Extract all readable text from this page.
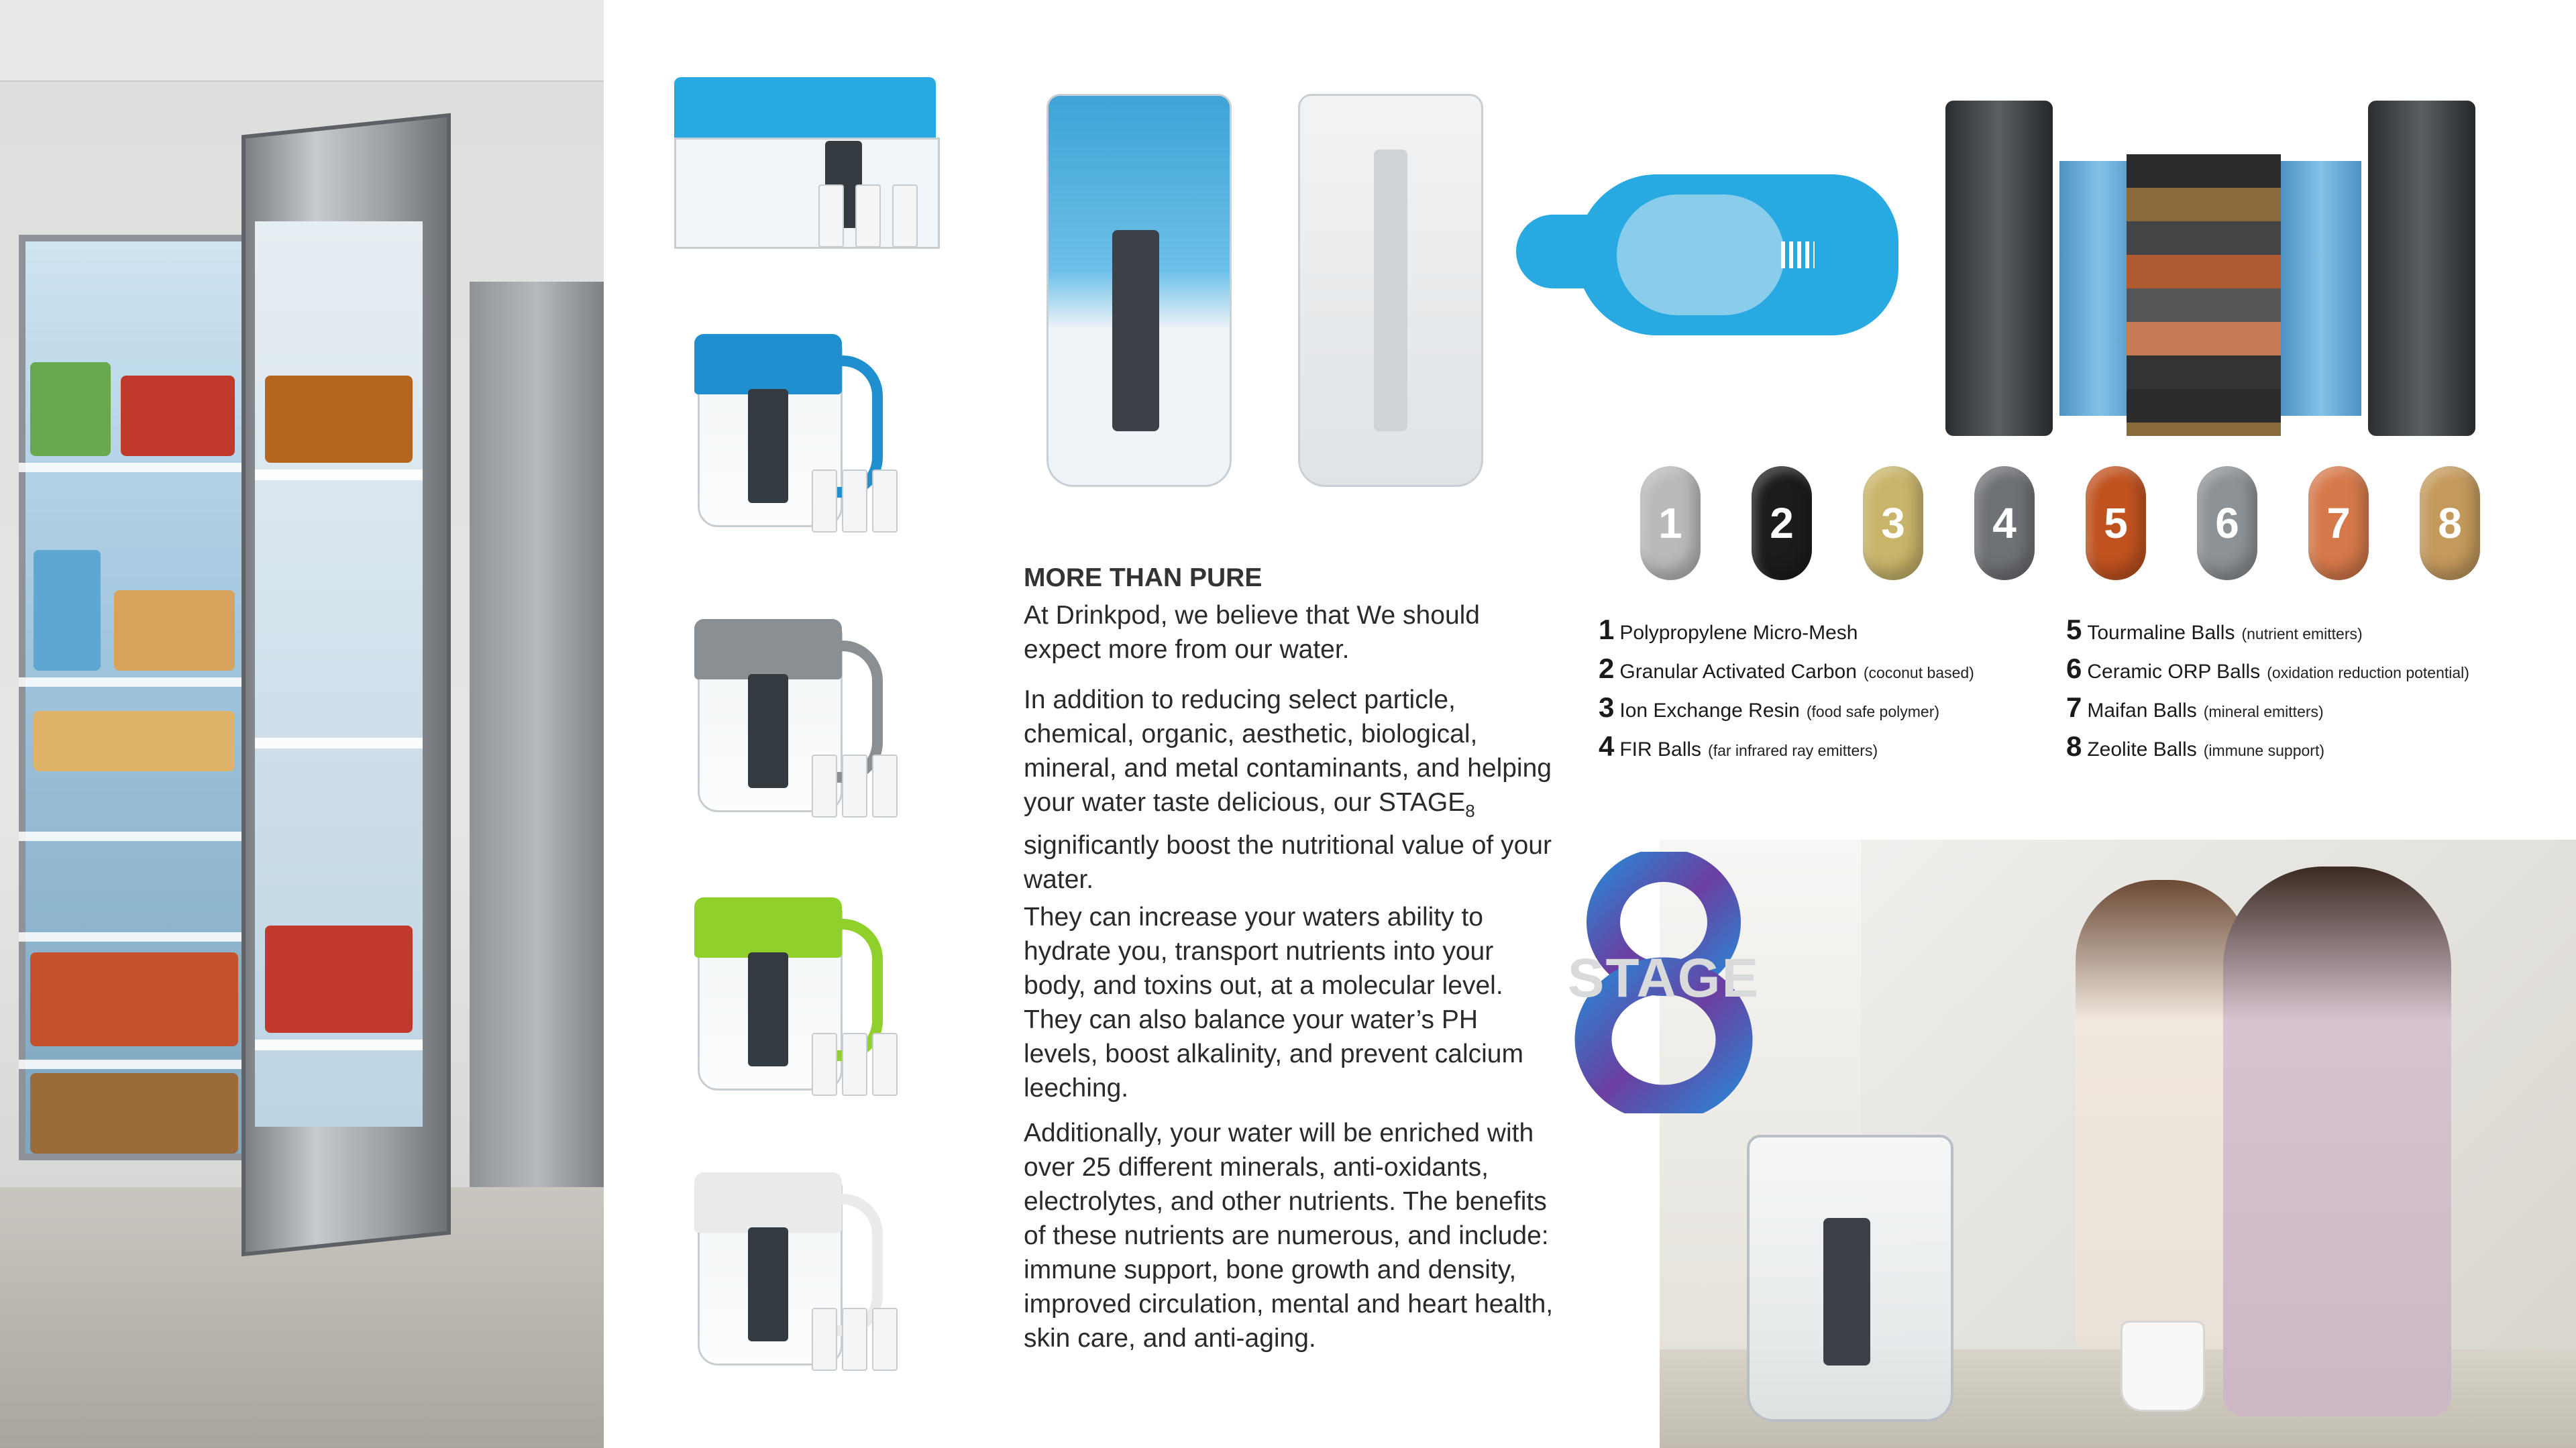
1	2	3	4	5	6	7	8
1 Polypropylene Micro-Mesh
2 Granular Activated Carbon (coconut based)
3 Ion Exchange Resin (food safe polymer)
4 FIR Balls (far infrared ray emitters)
5 Tourmaline Balls (nutrient emitters)
6 Ceramic ORP Balls (oxidation reduction potential)
7 Maifan Balls (mineral emitters)
8 Zeolite Balls (immune support)
MORE THAN PURE
At Drinkpod, we believe that We should expect more from our water.
In addition to reducing select particle, chemical, organic, aesthetic, biological, mineral, and metal contaminants, and helping your water taste delicious, our $STAGE_8$ significantly boost the nutritional value of your water.
They can increase your waters ability to hydrate you, transport nutrients into your body, and toxins out, at a molecular level. They can also balance your water’s PH levels, boost alkalinity, and prevent calcium leeching.
Additionally, your water will be enriched with over 25 different minerals, anti-oxidants, electrolytes, and other nutrients. The benefits of these nutrients are numerous, and include: immune support, bone growth and density, improved circulation, mental and heart health, skin care, and anti-aging.
STAGE
